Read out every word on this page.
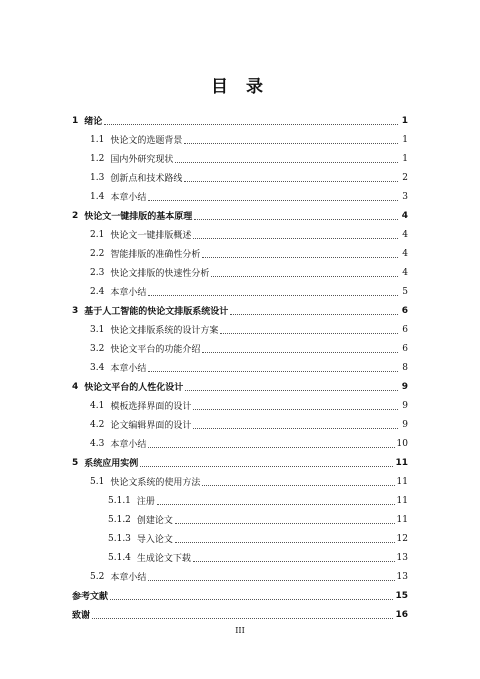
目 录
1 绪论	1
1.1 快论文的选题背景	1
1.2 国内外研究现状	1
1.3 创新点和技术路线	2
1.4 本章小结	3
2 快论文一键排版的基本原理	4
2.1 快论文一键排版概述	4
2.2 智能排版的准确性分析	4
2.3 快论文排版的快速性分析	4
2.4 本章小结	5
3 基于人工智能的快论文排版系统设计	6
3.1 快论文排版系统的设计方案	6
3.2 快论文平台的功能介绍	6
3.4 本章小结	8
4 快论文平台的人性化设计	9
4.1 模板选择界面的设计	9
4.2 论文编辑界面的设计	9
4.3 本章小结	10
5 系统应用实例	11
5.1 快论文系统的使用方法	11
5.1.1 注册	11
5.1.2 创建论文	11
5.1.3 导入论文	12
5.1.4 生成论文下载	13
5.2 本章小结	13
参考文献	15
致谢	16
III
